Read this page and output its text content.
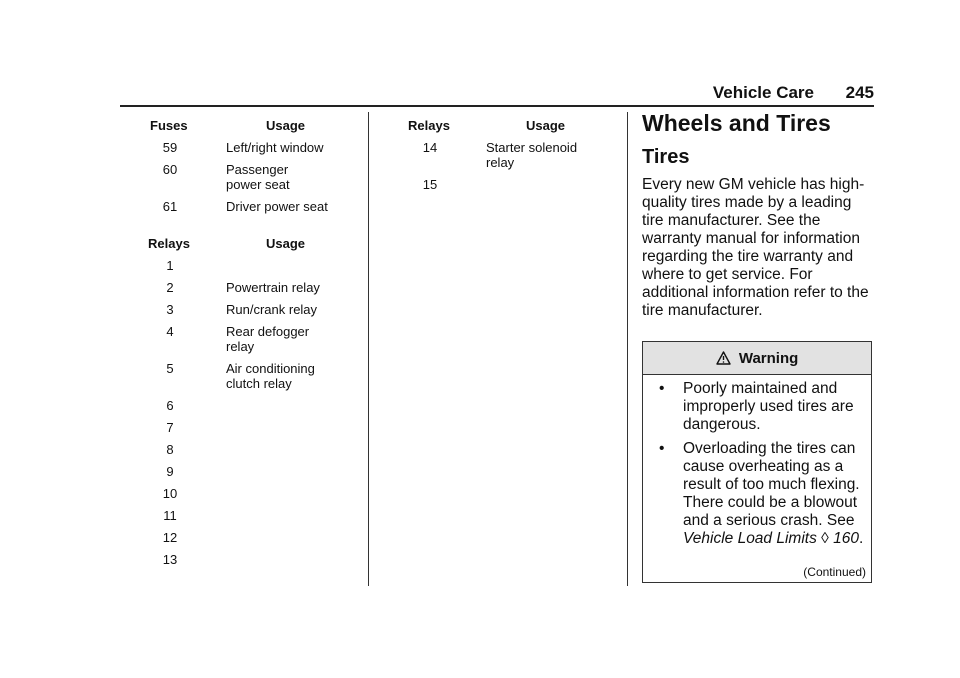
Vehicle Care 245
Fuses	Usage
59	Left/right window
60	Passenger
power seat
61	Driver power seat
Relays	Usage
1
2	Powertrain relay
3	Run/crank relay
4	Rear defogger
relay
5	Air conditioning
clutch relay
6
7
8
9
10
11
12
13
Relays	Usage
14	Starter solenoid
relay
15
Wheels and Tires
Tires
Every new GM vehicle has high-quality tires made by a leading tire manufacturer. See the warranty manual for information regarding the tire warranty and where to get service. For additional information refer to the tire manufacturer.
Warning
• Poorly maintained and improperly used tires are dangerous.
• Overloading the tires can cause overheating as a result of too much flexing. There could be a blowout and a serious crash. See Vehicle Load Limits ◊ 160.
(Continued)
